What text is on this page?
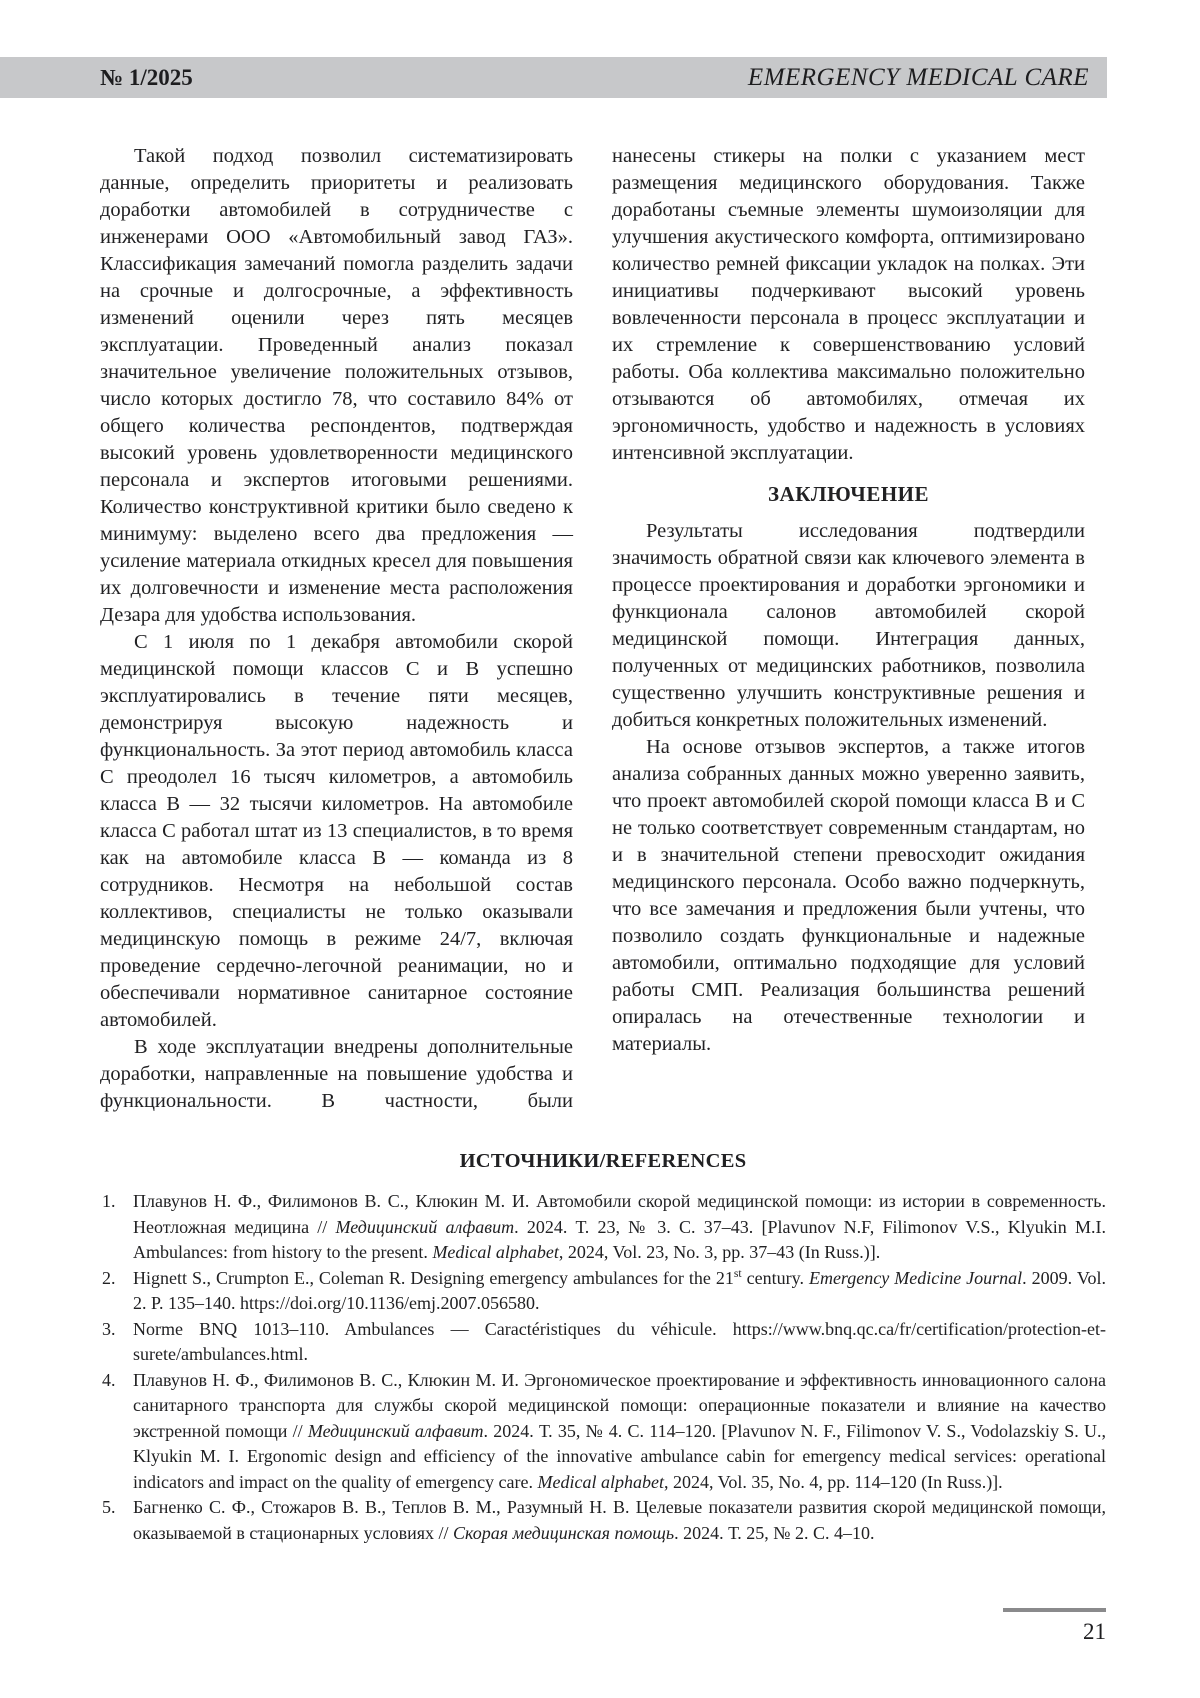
№ 1/2025	EMERGENCY MEDICAL CARE

Такой подход позволил систематизировать данные, определить приоритеты и реализовать доработки автомобилей в сотрудничестве с инженерами ООО «Автомобильный завод ГАЗ». Классификация замечаний помогла разделить задачи на срочные и долгосрочные, а эффективность изменений оценили через пять месяцев эксплуатации. Проведенный анализ показал значительное увеличение положительных отзывов, число которых достигло 78, что составило 84% от общего количества респондентов, подтверждая высокий уровень удовлетворенности медицинского персонала и экспертов итоговыми решениями. Количество конструктивной критики было сведено к минимуму: выделено всего два предложения — усиление материала откидных кресел для повышения их долговечности и изменение места расположения Дезара для удобства использования.

С 1 июля по 1 декабря автомобили скорой медицинской помощи классов С и В успешно эксплуатировались в течение пяти месяцев, демонстрируя высокую надежность и функциональность. За этот период автомобиль класса С преодолел 16 тысяч километров, а автомобиль класса В — 32 тысячи километров. На автомобиле класса С работал штат из 13 специалистов, в то время как на автомобиле класса В — команда из 8 сотрудников. Несмотря на небольшой состав коллективов, специалисты не только оказывали медицинскую помощь в режиме 24/7, включая проведение сердечно-легочной реанимации, но и обеспечивали нормативное санитарное состояние автомобилей.

В ходе эксплуатации внедрены дополнительные доработки, направленные на повышение удобства и функциональности. В частности, были

нанесены стикеры на полки с указанием мест размещения медицинского оборудования. Также доработаны съемные элементы шумоизоляции для улучшения акустического комфорта, оптимизировано количество ремней фиксации укладок на полках. Эти инициативы подчеркивают высокий уровень вовлеченности персонала в процесс эксплуатации и их стремление к совершенствованию условий работы. Оба коллектива максимально положительно отзываются об автомобилях, отмечая их эргономичность, удобство и надежность в условиях интенсивной эксплуатации.

ЗАКЛЮЧЕНИЕ

Результаты исследования подтвердили значимость обратной связи как ключевого элемента в процессе проектирования и доработки эргономики и функционала салонов автомобилей скорой медицинской помощи. Интеграция данных, полученных от медицинских работников, позволила существенно улучшить конструктивные решения и добиться конкретных положительных изменений.

На основе отзывов экспертов, а также итогов анализа собранных данных можно уверенно заявить, что проект автомобилей скорой помощи класса В и С не только соответствует современным стандартам, но и в значительной степени превосходит ожидания медицинского персонала. Особо важно подчеркнуть, что все замечания и предложения были учтены, что позволило создать функциональные и надежные автомобили, оптимально подходящие для условий работы СМП. Реализация большинства решений опиралась на отечественные технологии и материалы.

ИСТОЧНИКИ/REFERENCES
1. Плавунов Н. Ф., Филимонов В. С., Клюкин М. И. Автомобили скорой медицинской помощи: из истории в современность. Неотложная медицина // Медицинский алфавит. 2024. Т. 23, № 3. С. 37–43. [Plavunov N.F, Filimonov V.S., Klyukin M.I. Ambulances: from history to the present. Medical alphabet, 2024, Vol. 23, No. 3, pp. 37–43 (In Russ.)].
2. Hignett S., Crumpton E., Coleman R. Designing emergency ambulances for the 21st century. Emergency Medicine Journal. 2009. Vol. 2. P. 135–140. https://doi.org/10.1136/emj.2007.056580.
3. Norme BNQ 1013–110. Ambulances — Caractéristiques du véhicule. https://www.bnq.qc.ca/fr/certification/protection-et-surete/ambulances.html.
4. Плавунов Н. Ф., Филимонов В. С., Клюкин М. И. Эргономическое проектирование и эффективность инновационного салона санитарного транспорта для службы скорой медицинской помощи: операционные показатели и влияние на качество экстренной помощи // Медицинский алфавит. 2024. Т. 35, № 4. С. 114–120. [Plavunov N. F., Filimonov V. S., Vodolazskiy S. U., Klyukin M. I. Ergonomic design and efficiency of the innovative ambulance cabin for emergency medical services: operational indicators and impact on the quality of emergency care. Medical alphabet, 2024, Vol. 35, No. 4, pp. 114–120 (In Russ.)].
5. Багненко С. Ф., Стожаров В. В., Теплов В. М., Разумный Н. В. Целевые показатели развития скорой медицинской помощи, оказываемой в стационарных условиях // Скорая медицинская помощь. 2024. Т. 25, № 2. С. 4–10.
21
